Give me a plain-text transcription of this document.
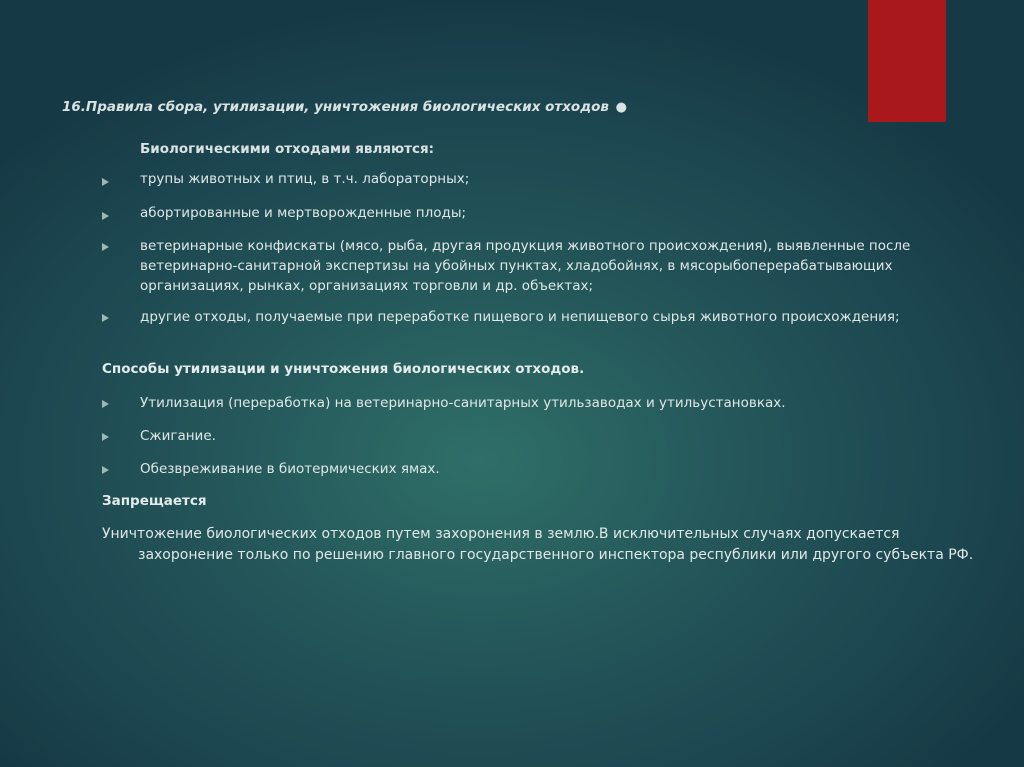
16.Правила сбора, утилизации, уничтожения биологических отходов ●
Биологическими отходами являются:
трупы животных и птиц, в т.ч. лабораторных;
абортированные и мертворожденные плоды;
ветеринарные конфискаты (мясо, рыба, другая продукция животного происхождения), выявленные после ветеринарно-санитарной экспертизы на убойных пунктах, хладобойнях, в мясорыбоперерабатывающих организациях, рынках, организациях торговли и др. объектах;
другие отходы, получаемые при переработке пищевого и непищевого сырья животного происхождения;
Способы утилизации и уничтожения биологических отходов.
Утилизация (переработка) на ветеринарно-санитарных утильзаводах и утильустановках.
Сжигание.
Обезвреживание в биотермических ямах.
Запрещается
Уничтожение биологических отходов путем захоронения в землю.В исключительных случаях допускается захоронение только по решению главного государственного инспектора республики или другого субъекта РФ.
